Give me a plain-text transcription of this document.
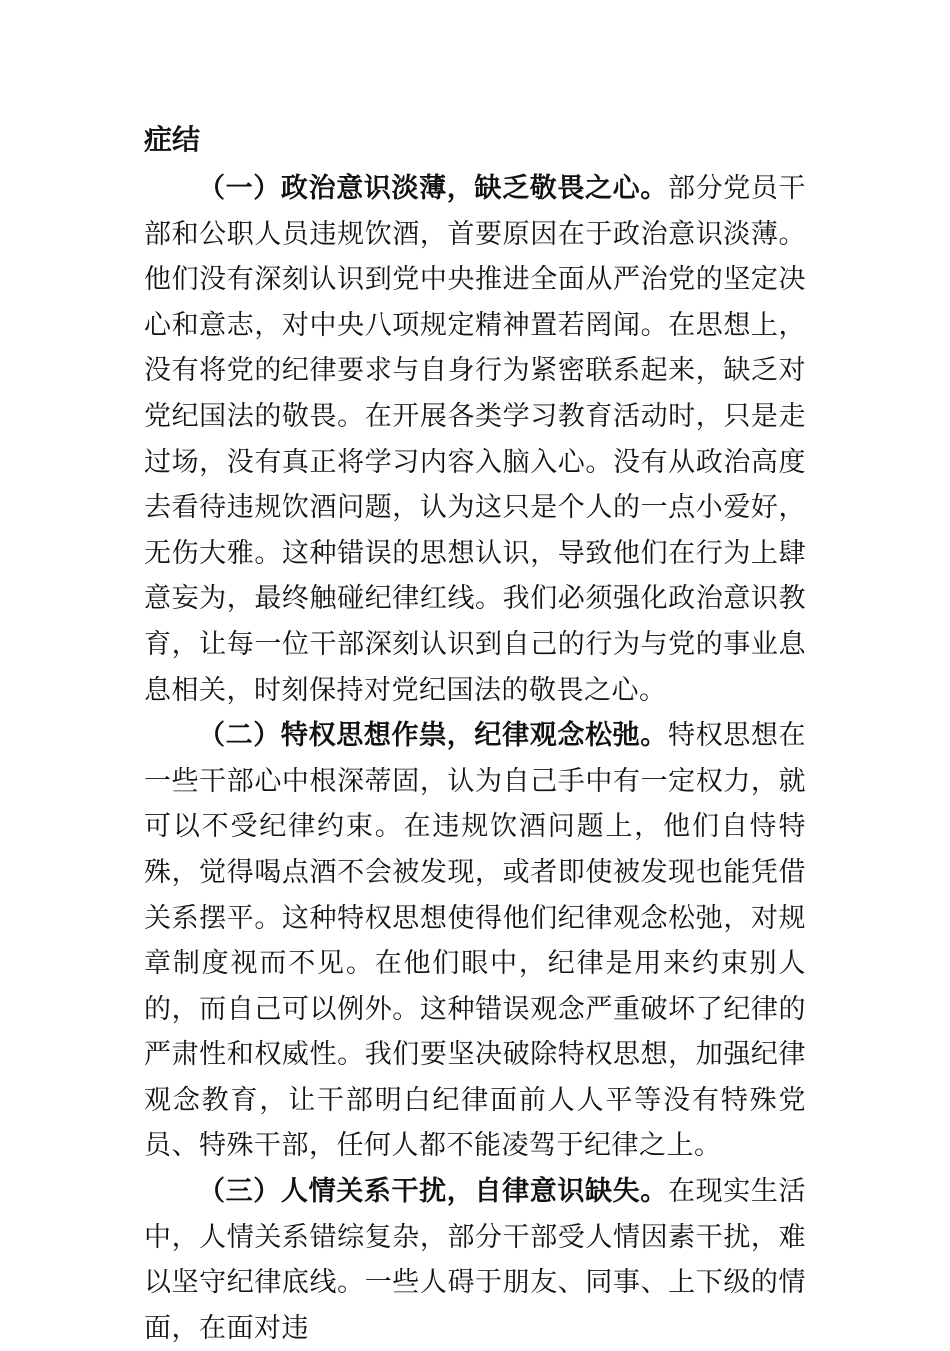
症结

（一）政治意识淡薄，缺乏敬畏之心。部分党员干部和公职人员违规饮酒，首要原因在于政治意识淡薄。他们没有深刻认识到党中央推进全面从严治党的坚定决心和意志，对中央八项规定精神置若罔闻。在思想上，没有将党的纪律要求与自身行为紧密联系起来，缺乏对党纪国法的敬畏。在开展各类学习教育活动时，只是走过场，没有真正将学习内容入脑入心。没有从政治高度去看待违规饮酒问题，认为这只是个人的一点小爱好，无伤大雅。这种错误的思想认识，导致他们在行为上肆意妄为，最终触碰纪律红线。我们必须强化政治意识教育，让每一位干部深刻认识到自己的行为与党的事业息息相关，时刻保持对党纪国法的敬畏之心。

（二）特权思想作祟，纪律观念松弛。特权思想在一些干部心中根深蒂固，认为自己手中有一定权力，就可以不受纪律约束。在违规饮酒问题上，他们自恃特殊，觉得喝点酒不会被发现，或者即使被发现也能凭借关系摆平。这种特权思想使得他们纪律观念松弛，对规章制度视而不见。在他们眼中，纪律是用来约束别人的，而自己可以例外。这种错误观念严重破坏了纪律的严肃性和权威性。我们要坚决破除特权思想，加强纪律观念教育，让干部明白纪律面前人人平等没有特殊党员、特殊干部，任何人都不能凌驾于纪律之上。

（三）人情关系干扰，自律意识缺失。在现实生活中，人情关系错综复杂，部分干部受人情因素干扰，难以坚守纪律底线。一些人碍于朋友、同事、上下级的情面，在面对违
